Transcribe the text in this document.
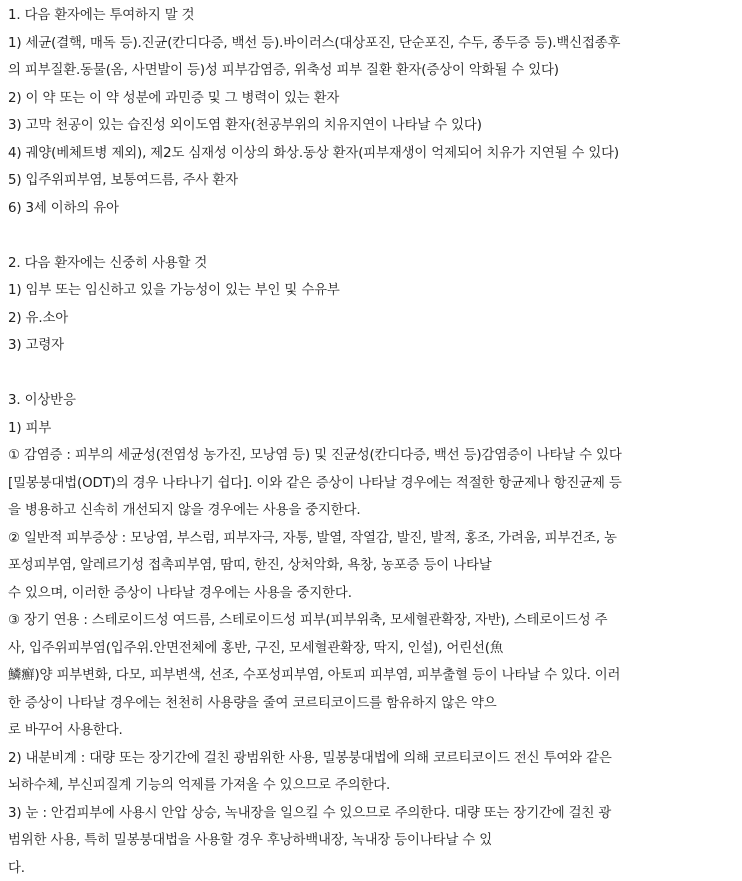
1. 다음 환자에는 투여하지 말 것
1) 세균(결핵, 매독 등).진균(칸디다증, 백선 등).바이러스(대상포진, 단순포진, 수두, 종두증 등).백신접종후
의 피부질환.동물(옴, 사면발이 등)성 피부감염증, 위축성 피부 질환 환자(증상이 악화될 수 있다)
2) 이 약 또는 이 약 성분에 과민증 및 그 병력이 있는 환자
3) 고막 천공이 있는 습진성 외이도염 환자(천공부위의 치유지연이 나타날 수 있다)
4) 궤양(베체트병 제외), 제2도 심재성 이상의 화상.동상 환자(피부재생이 억제되어 치유가 지연될 수 있다)
5) 입주위피부염, 보통여드름, 주사 환자
6) 3세 이하의 유아
2. 다음 환자에는 신중히 사용할 것
1) 임부 또는 임신하고 있을 가능성이 있는 부인 및 수유부
2) 유.소아
3) 고령자
3. 이상반응
1) 피부
① 감염증 : 피부의 세균성(전염성 농가진, 모낭염 등) 및 진균성(칸디다증, 백선 등)감염증이 나타날 수 있다
[밀봉붕대법(ODT)의 경우 나타나기 쉽다]. 이와 같은 증상이 나타날 경우에는 적절한 항균제나 항진균제 등
을 병용하고 신속히 개선되지 않을 경우에는 사용을 중지한다.
② 일반적 피부증상 : 모낭염, 부스럼, 피부자극, 자통, 발열, 작열감, 발진, 발적, 홍조, 가려움, 피부건조, 농
포성피부염, 알레르기성 접촉피부염, 땀띠, 한진, 상처악화, 욕창, 농포증 등이 나타날
수 있으며, 이러한 증상이 나타날 경우에는 사용을 중지한다.
③ 장기 연용 : 스테로이드성 여드름, 스테로이드성 피부(피부위축, 모세혈관확장, 자반), 스테로이드성 주
사, 입주위피부염(입주위.안면전체에 홍반, 구진, 모세혈관확장, 딱지, 인설), 어린선(魚
鱗癬)양 피부변화, 다모, 피부변색, 선조, 수포성피부염, 아토피 피부염, 피부출혈 등이 나타날 수 있다. 이러
한 증상이 나타날 경우에는 천천히 사용량을 줄여 코르티코이드를 함유하지 않은 약으
로 바꾸어 사용한다.
2) 내분비계 : 대량 또는 장기간에 걸친 광범위한 사용, 밀봉붕대법에 의해 코르티코이드 전신 투여와 같은
뇌하수체, 부신피질계 기능의 억제를 가져올 수 있으므로 주의한다.
3) 눈 : 안검피부에 사용시 안압 상승, 녹내장을 일으킬 수 있으므로 주의한다. 대량 또는 장기간에 걸친 광
범위한 사용, 특히 밀봉붕대법을 사용할 경우 후낭하백내장, 녹내장 등이나타날 수 있
다.
